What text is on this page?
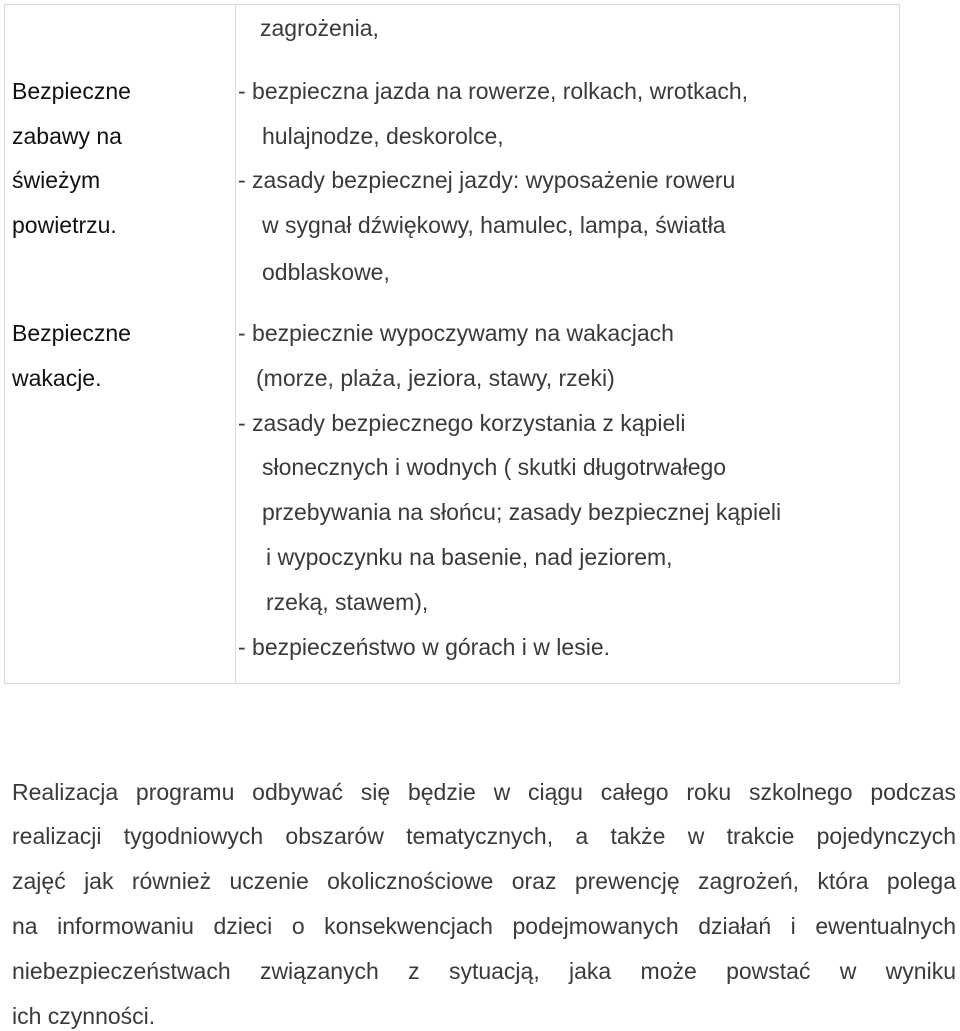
zagrożenia,
Bezpieczne
zabawy na
świeżym
powietrzu.
- bezpieczna jazda na rowerze, rolkach, wrotkach,
hulajnodze, deskorolce,
- zasady bezpiecznej jazdy: wyposażenie roweru
w sygnał dźwiękowy, hamulec, lampa, światła
odblaskowe,
Bezpieczne
wakacje.
- bezpiecznie wypoczywamy na wakacjach
(morze, plaża, jeziora, stawy, rzeki)
- zasady bezpiecznego korzystania z kąpieli
słonecznych i wodnych ( skutki długotrwałego
przebywania na słońcu; zasady bezpiecznej kąpieli
i wypoczynku na basenie, nad jeziorem,
rzeką, stawem),
- bezpieczeństwo w górach i w lesie.
Realizacja programu odbywać się będzie w ciągu całego roku szkolnego podczas
realizacji tygodniowych obszarów tematycznych, a także w trakcie pojedynczych
zajęć jak również uczenie okolicznościowe oraz prewencję zagrożeń, która polega
na informowaniu dzieci o konsekwencjach podejmowanych działań i ewentualnych
niebezpieczeństwach związanych z sytuacją, jaka może powstać w wyniku
ich czynności.
